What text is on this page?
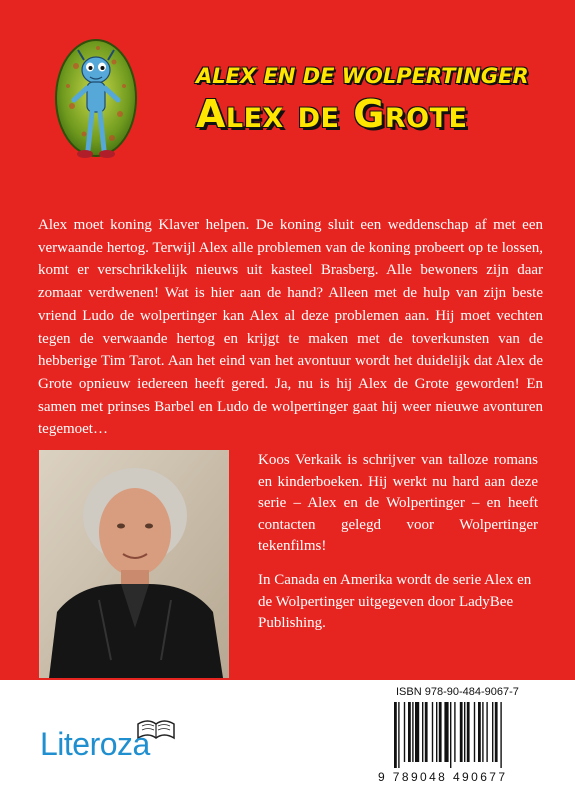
ALEX EN DE WOLPERTINGER
Alex de Grote

Alex moet koning Klaver helpen. De koning sluit een weddenschap af met een verwaande hertog. Terwijl Alex alle problemen van de koning probeert op te lossen, komt er verschrikkelijk nieuws uit kasteel Brasberg. Alle bewoners zijn daar zomaar verdwenen! Wat is hier aan de hand? Alleen met de hulp van zijn beste vriend Ludo de wolpertinger kan Alex al deze problemen aan. Hij moet vechten tegen de verwaande hertog en krijgt te maken met de toverkunsten van de hebberige Tim Tarot. Aan het eind van het avontuur wordt het duidelijk dat Alex de Grote opnieuw iedereen heeft gered. Ja, nu is hij Alex de Grote geworden! En samen met prinses Barbel en Ludo de wolpertinger gaat hij weer nieuwe avonturen tegemoet…

Koos Verkaik is schrijver van talloze romans en kinderboeken. Hij werkt nu hard aan deze serie – Alex en de Wolpertinger – en heeft contacten gelegd voor Wolpertinger tekenfilms!

In Canada en Amerika wordt de serie Alex en de Wolpertinger uitgegeven door LadyBee Publishing.

Literoza
ISBN 978-90-484-9067-7
9 789048 490677
